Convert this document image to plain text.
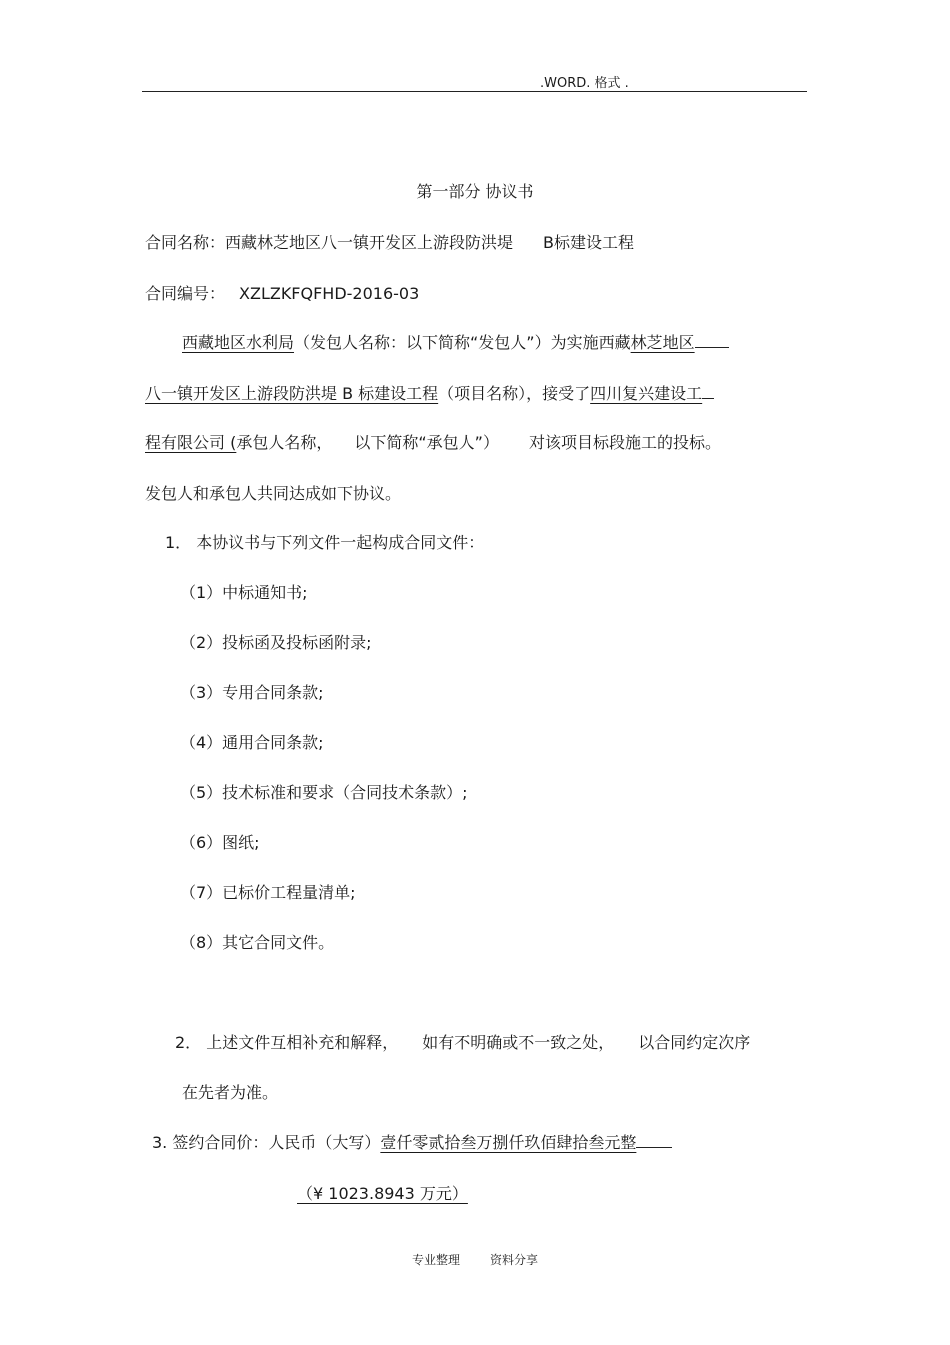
.WORD. 格式 .
第一部分 协议书
合同名称：西藏林芝地区八一镇开发区上游段防洪堤 B标建设工程
合同编号： XZLZKFQFHD-2016-03
西藏地区水利局（发包人名称：以下简称“发包人”）为实施西藏林芝地区
八一镇开发区上游段防洪堤 B 标建设工程（项目名称），接受了四川复兴建设工
程有限公司 (承包人名称， 以下简称“承包人”） 对该项目标段施工的投标。
发包人和承包人共同达成如下协议。
1． 本协议书与下列文件一起构成合同文件：
（1）中标通知书;
（2）投标函及投标函附录;
（3）专用合同条款;
（4）通用合同条款;
（5）技术标准和要求（合同技术条款）;
（6）图纸;
（7）已标价工程量清单;
（8）其它合同文件。
2． 上述文件互相补充和解释， 如有不明确或不一致之处， 以合同约定次序
在先者为准。
3. 签约合同价：人民币（大写）壹仟零贰拾叁万捌仟玖佰肆拾叁元整
（¥ 1023.8943 万元）
专业整理	资料分享
